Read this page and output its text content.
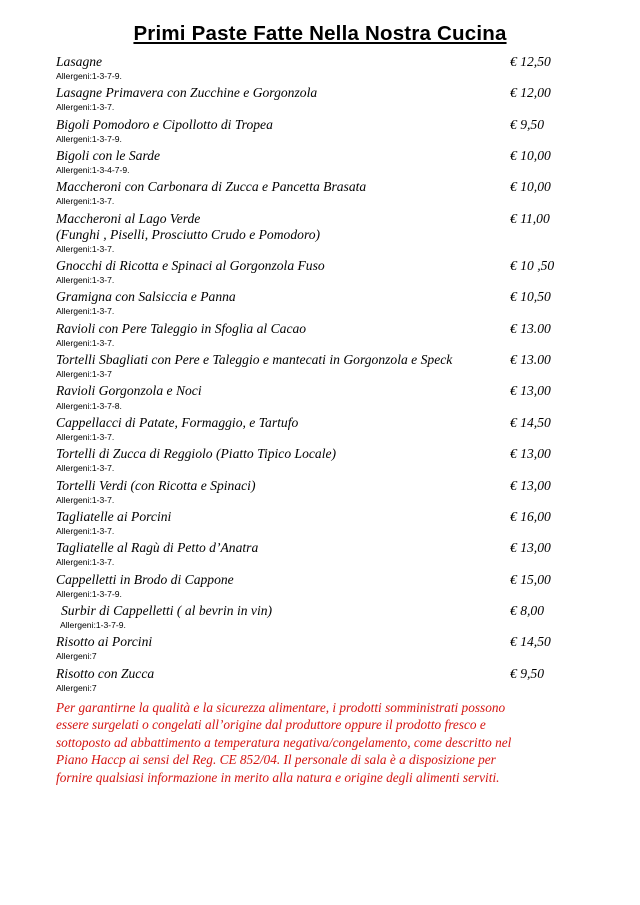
Primi Paste Fatte Nella Nostra Cucina
Lasagne	€ 12,50
Allergeni:1-3-7-9.
Lasagne Primavera con Zucchine e Gorgonzola	€ 12,00
Allergeni:1-3-7.
Bigoli Pomodoro e Cipollotto di Tropea	€ 9,50
Allergeni:1-3-7-9.
Bigoli con le Sarde	€ 10,00
Allergeni:1-3-4-7-9.
Maccheroni con Carbonara di Zucca e Pancetta Brasata	€ 10,00
Allergeni:1-3-7.
Maccheroni al Lago Verde	€ 11,00
(Funghi , Piselli, Prosciutto Crudo e Pomodoro)
Allergeni:1-3-7.
Gnocchi di Ricotta e Spinaci al Gorgonzola Fuso	€ 10 ,50
Allergeni:1-3-7.
Gramigna con Salsiccia e Panna	€ 10,50
Allergeni:1-3-7.
Ravioli con Pere Taleggio in Sfoglia al Cacao	€ 13.00
Allergeni:1-3-7.
Tortelli Sbagliati con Pere e Taleggio e mantecati in Gorgonzola e Speck	€ 13.00
Allergeni:1-3-7
Ravioli Gorgonzola e Noci	€ 13,00
Allergeni:1-3-7-8.
Cappellacci di Patate, Formaggio, e Tartufo	€ 14,50
Allergeni:1-3-7.
Tortelli di Zucca di Reggiolo (Piatto Tipico Locale)	€ 13,00
Allergeni:1-3-7.
Tortelli Verdi (con Ricotta e Spinaci)	€ 13,00
Allergeni:1-3-7.
Tagliatelle ai Porcini	€ 16,00
Allergeni:1-3-7.
Tagliatelle al Ragù di Petto d’Anatra	€ 13,00
Allergeni:1-3-7.
Cappelletti in Brodo di Cappone	€ 15,00
Allergeni:1-3-7-9.
Surbir di Cappelletti ( al bevrin in vin)	€ 8,00
Allergeni:1-3-7-9.
Risotto ai Porcini	€ 14,50
Allergeni:7
Risotto con Zucca	€ 9,50
Allergeni:7
Per garantirne la qualità e la sicurezza alimentare, i prodotti somministrati possono
essere surgelati o congelati all’origine dal produttore oppure il prodotto fresco e
sottoposto ad abbattimento a temperatura negativa/congelamento, come descritto nel
Piano Haccp ai sensi del Reg. CE 852/04. Il personale di sala è a disposizione per
fornire qualsiasi informazione in merito alla natura e origine degli alimenti serviti.
